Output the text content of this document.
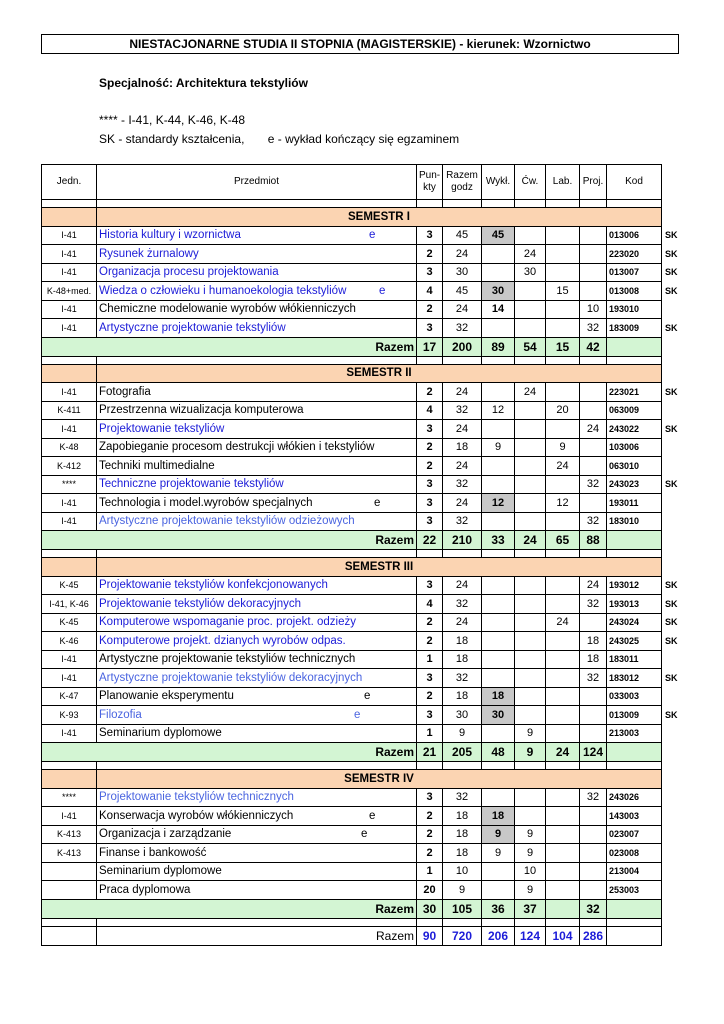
NIESTACJONARNE STUDIA II STOPNIA (MAGISTERSKIE) - kierunek: Wzornictwo
Specjalność: Architektura tekstyliów
**** - I-41, K-44, K-46, K-48
SK - standardy kształcenia,       e - wykład kończący się egzaminem
Jedn.	Przedmiot	Pun-kty	Razem godz	Wykł.	Ćw.	Lab.	Proj.	Kod	

	SEMESTR I								
I-41	Historia kultury i wzornictwa e	3	45	45				013006	SK
I-41	Rysunek żurnalowy	2	24		24			223020	SK
I-41	Organizacja procesu projektowania	3	30		30			013007	SK
K-48+med.	Wiedza o człowieku i humanoekologia tekstyliów e	4	45	30		15		013008	SK
I-41	Chemiczne modelowanie wyrobów włókienniczych	2	24	14			10	193010	
I-41	Artystyczne projektowanie tekstyliów	3	32				32	183009	SK
Razem		17	200	89	54	15	42		

	SEMESTR II								
I-41	Fotografia	2	24		24			223021	SK
K-411	Przestrzenna wizualizacja komputerowa	4	32	12		20		063009	
I-41	Projektowanie tekstyliów	3	24				24	243022	SK
K-48	Zapobieganie procesom destrukcji włókien i tekstyliów	2	18	9		9		103006	
K-412	Techniki multimedialne	2	24			24		063010	
****	Techniczne projektowanie tekstyliów	3	32				32	243023	SK
I-41	Technologia i model.wyrobów specjalnych e	3	24	12		12		193011	
I-41	Artystyczne projektowanie tekstyliów odzieżowych	3	32				32	183010	
Razem		22	210	33	24	65	88		

	SEMESTR III								
K-45	Projektowanie tekstyliów konfekcjonowanych	3	24				24	193012	SK
I-41, K-46	Projektowanie tekstyliów dekoracyjnych	4	32				32	193013	SK
K-45	Komputerowe wspomaganie proc. projekt. odzieży	2	24			24		243024	SK
K-46	Komputerowe projekt. dzianych wyrobów odpas.	2	18				18	243025	SK
I-41	Artystyczne projektowanie tekstyliów technicznych	1	18				18	183011	
I-41	Artystyczne projektowanie tekstyliów dekoracyjnych	3	32				32	183012	SK
K-47	Planowanie eksperymentu e	2	18	18				033003	
K-93	Filozofia e	3	30	30				013009	SK
I-41	Seminarium dyplomowe	1	9		9			213003	
Razem		21	205	48	9	24	124		

	SEMESTR IV								
****	Projektowanie tekstyliów technicznych	3	32				32	243026	
I-41	Konserwacja wyrobów włókienniczych e	2	18	18				143003	
K-413	Organizacja i zarządzanie e	2	18	9	9			023007	
K-413	Finanse i bankowość	2	18	9	9			023008	

	Seminarium dyplomowe	1	10		10			213004	

	Praca dyplomowa	20	9		9			253003	
Razem		30	105	36	37		32		

	Razem	90	720	206	124	104	286		
